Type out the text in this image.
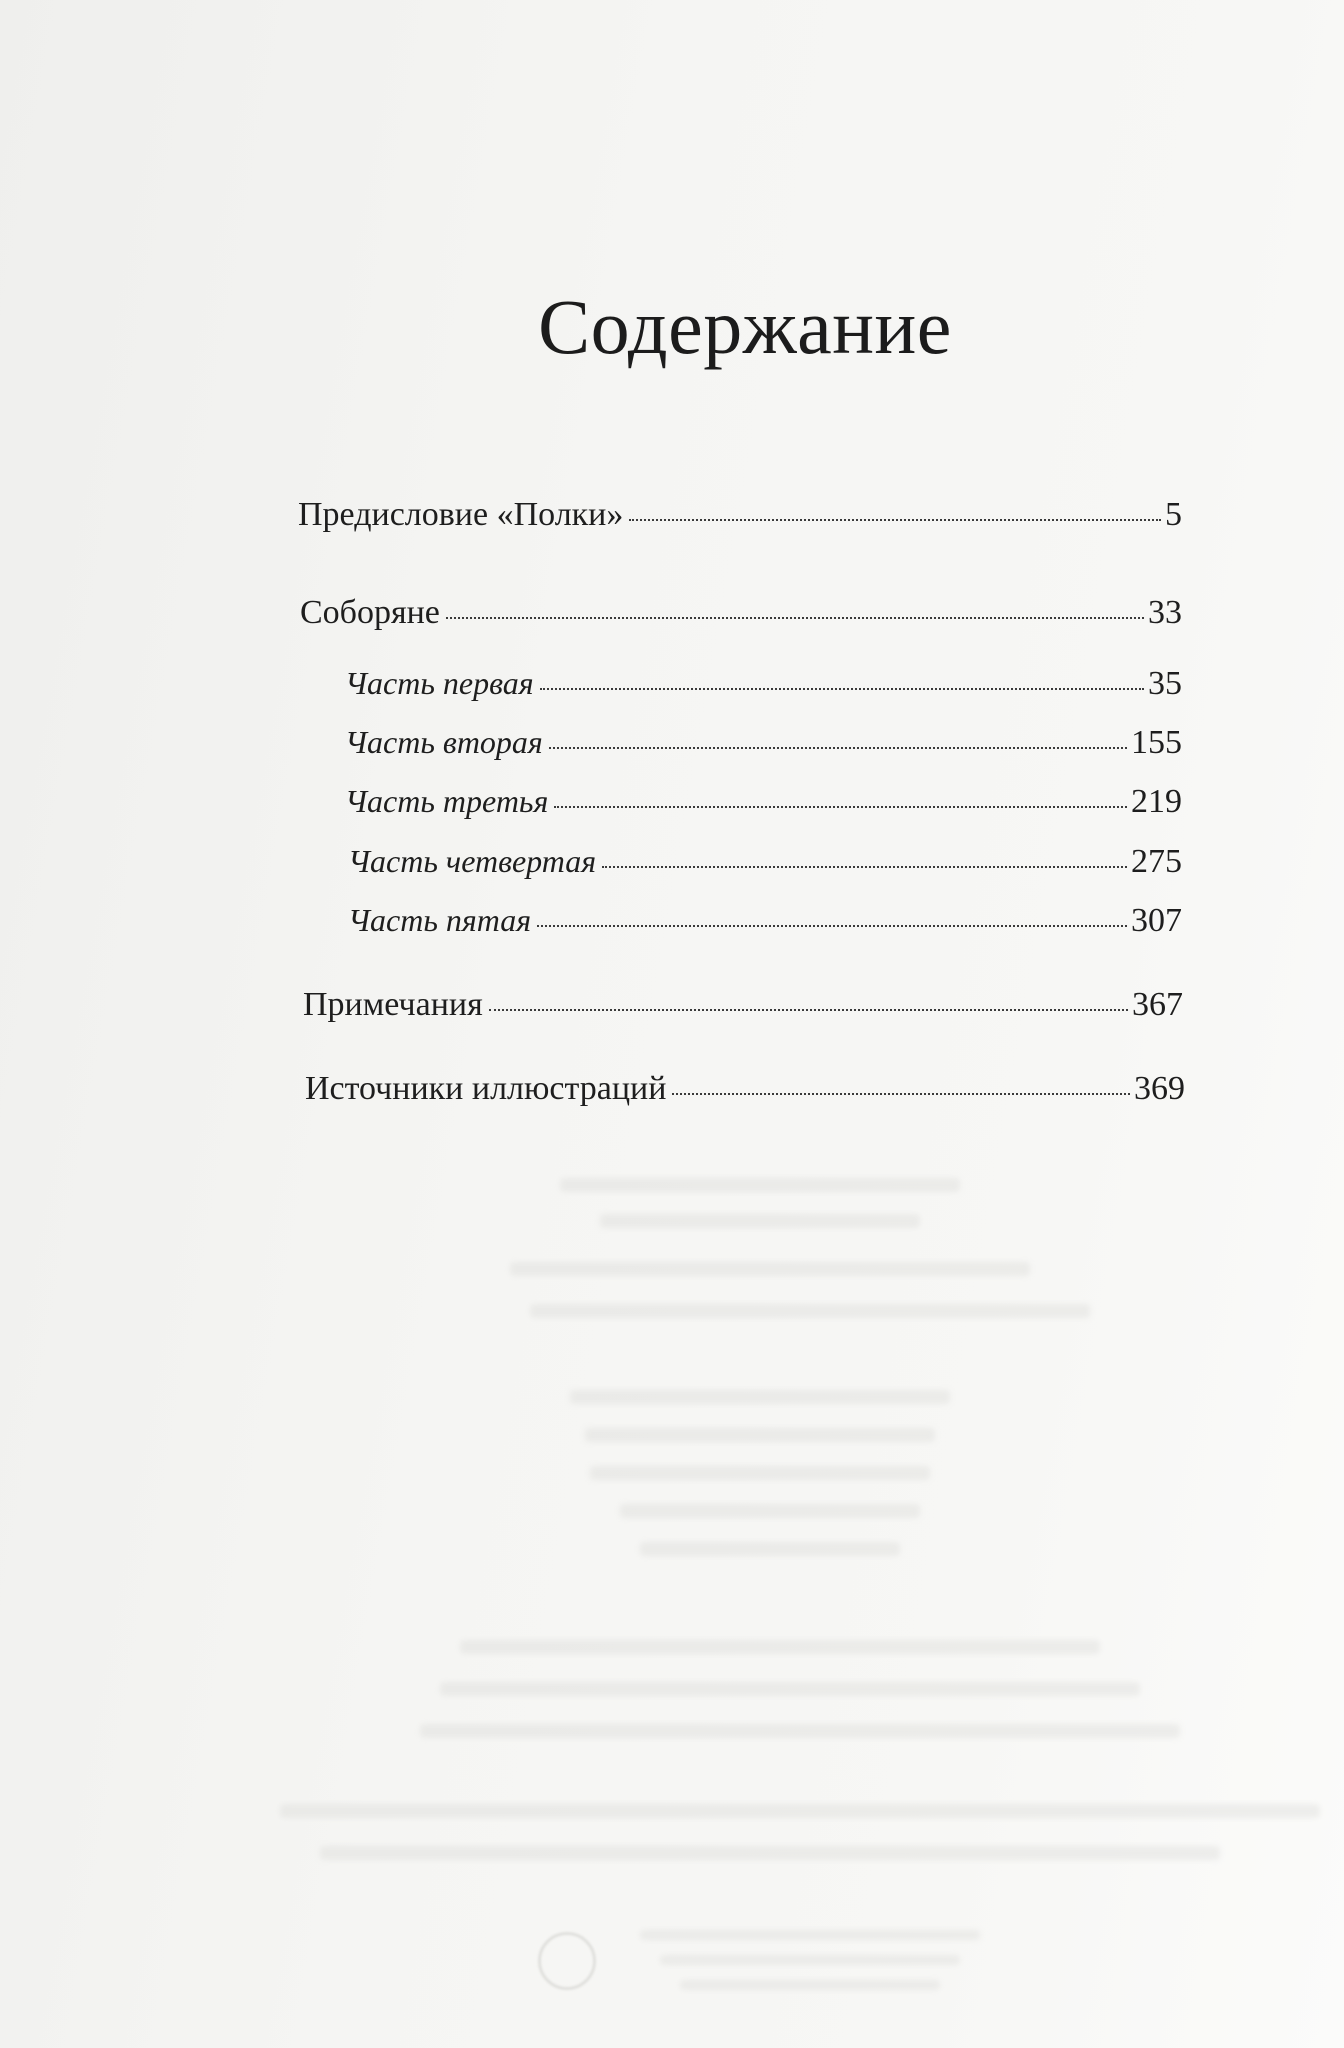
Содержание
Предисловие «Полки»	5
Соборяне	33
Часть первая	35
Часть вторая	155
Часть третья	219
Часть четвертая	275
Часть пятая	307
Примечания	367
Источники иллюстраций	369
